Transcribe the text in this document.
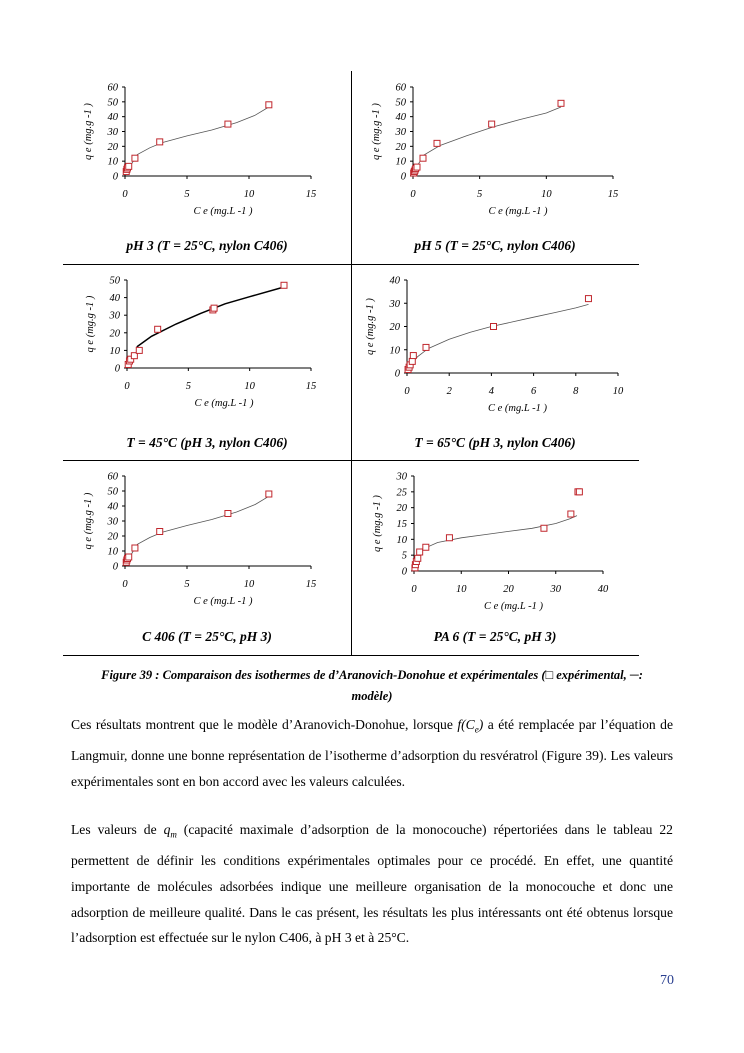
0
10
20
30
40
50
60
0	5	10	15
C e (mg.L -1 )
q e (mg.g -1 )
0
10
20
30
40
50
60
0	5	10	15
C e (mg.L -1 )
q e (mg.g -1 )
0
10
20
30
40
50
0	5	10	15
C e (mg.L -1 )
q e (mg.g -1 )
0
10
20
30
40
0	2	4	6	8	10
C e (mg.L -1 )
q e (mg.g -1 )
0
10
20
30
40
50
60
0	5	10	15
C e (mg.L -1 )
q e (mg.g -1 )
0
5
10
15
20
25
30
0	10	20	30	40
C e (mg.L -1 )
q e (mg.g -1 )
pH 3 (T = 25°C, nylon C406)	pH 5 (T = 25°C, nylon C406)
T = 45°C (pH 3, nylon C406)	T = 65°C (pH 3, nylon C406)
C 406 (T = 25°C, pH 3)	PA 6 (T = 25°C, pH 3)
Figure 39 : Comparaison des isothermes de d’Aranovich-Donohue et expérimentales (□ expérimental, ─:
modèle)
Ces résultats montrent que le modèle d’Aranovich-Donohue, lorsque $f(C_e)$ a été remplacée par l’équation de Langmuir, donne une bonne représentation de l’isotherme d’adsorption du resvératrol (Figure 39). Les valeurs expérimentales sont en bon accord avec les valeurs calculées.
Les valeurs de $q_m$ (capacité maximale d’adsorption de la monocouche) répertoriées dans le tableau 22 permettent de définir les conditions expérimentales optimales pour ce procédé. En effet, une quantité importante de molécules adsorbées indique une meilleure organisation de la monocouche et donc une adsorption de meilleure qualité. Dans le cas présent, les résultats les plus intéressants ont été obtenus lorsque l’adsorption est effectuée sur le nylon C406, à pH 3 et à 25°C.
70
